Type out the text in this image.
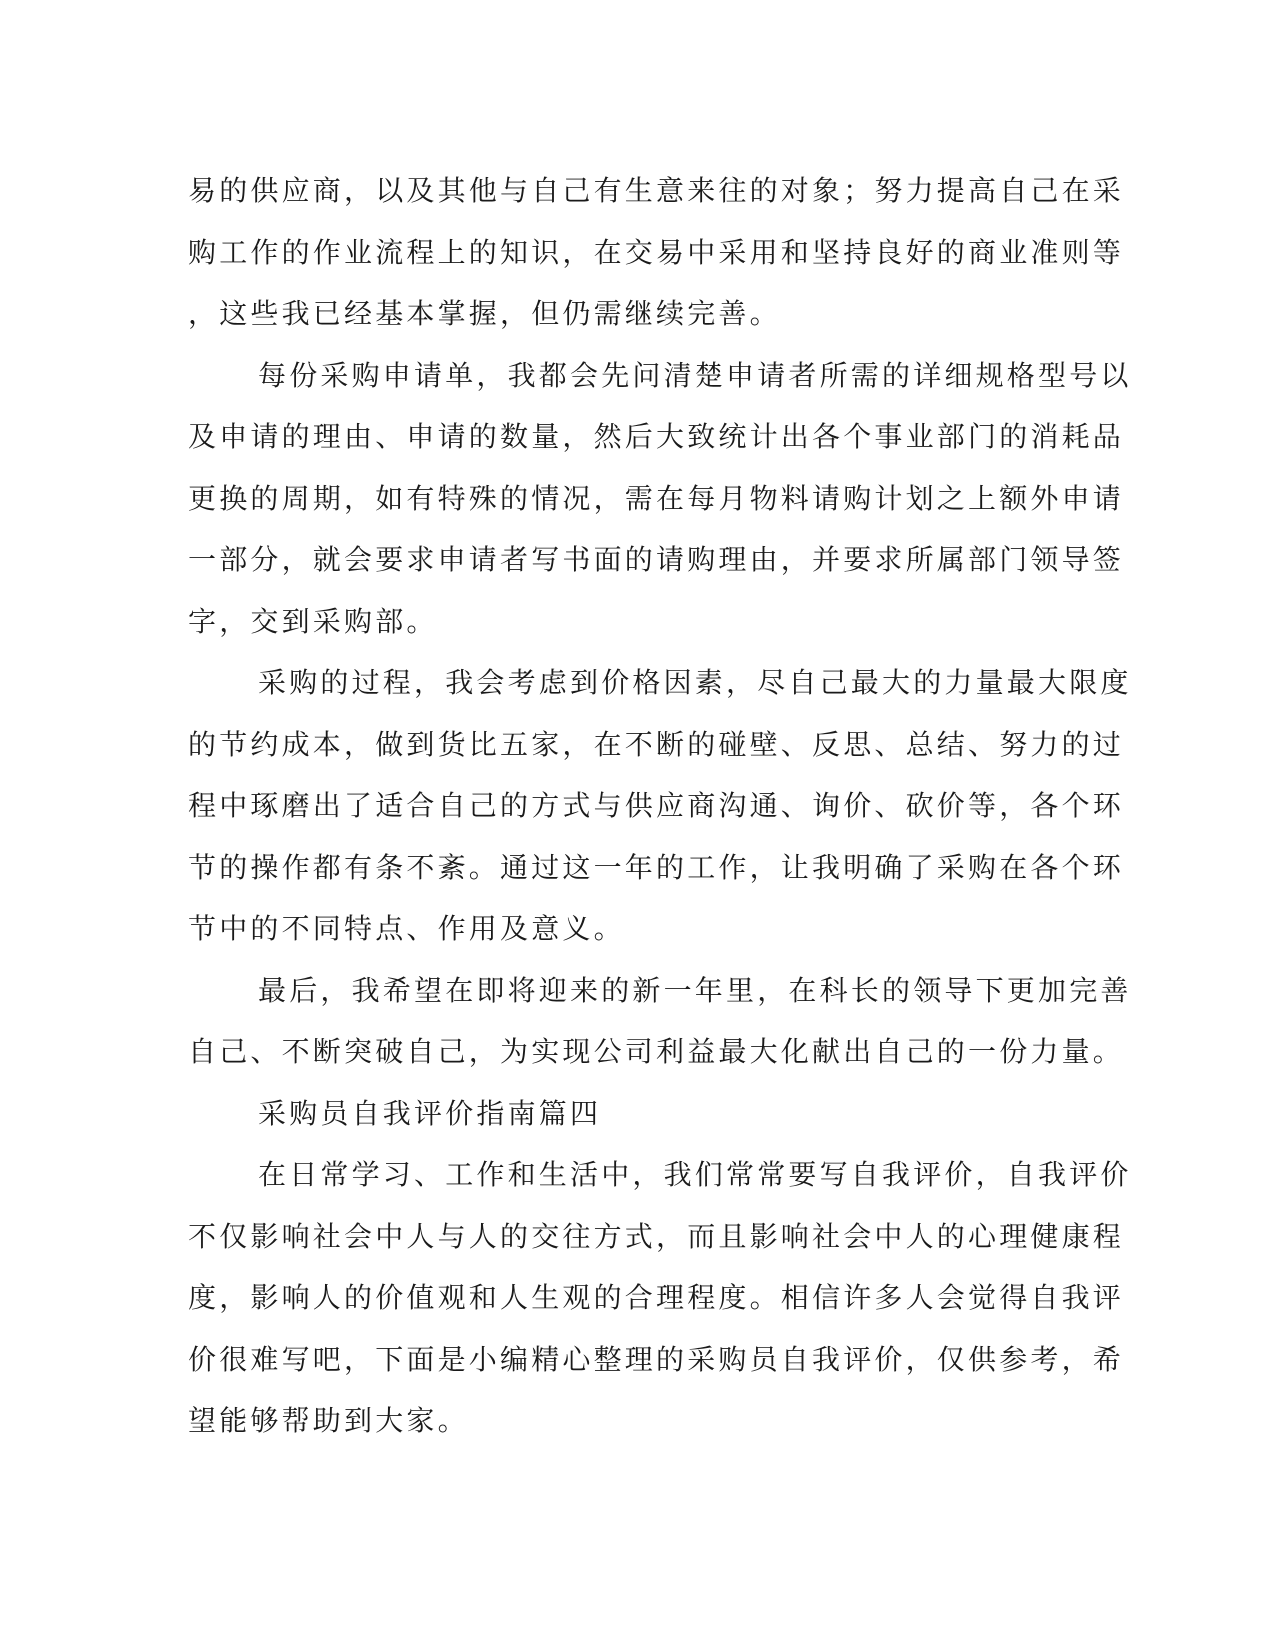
易的供应商，以及其他与自己有生意来往的对象；努力提高自己在采
购工作的作业流程上的知识，在交易中采用和坚持良好的商业准则等
，这些我已经基本掌握，但仍需继续完善。
每份采购申请单，我都会先问清楚申请者所需的详细规格型号以
及申请的理由、申请的数量，然后大致统计出各个事业部门的消耗品
更换的周期，如有特殊的情况，需在每月物料请购计划之上额外申请
一部分，就会要求申请者写书面的请购理由，并要求所属部门领导签
字，交到采购部。
采购的过程，我会考虑到价格因素，尽自己最大的力量最大限度
的节约成本，做到货比五家，在不断的碰壁、反思、总结、努力的过
程中琢磨出了适合自己的方式与供应商沟通、询价、砍价等，各个环
节的操作都有条不紊。通过这一年的工作，让我明确了采购在各个环
节中的不同特点、作用及意义。
最后，我希望在即将迎来的新一年里，在科长的领导下更加完善
自己、不断突破自己，为实现公司利益最大化献出自己的一份力量。
采购员自我评价指南篇四
在日常学习、工作和生活中，我们常常要写自我评价，自我评价
不仅影响社会中人与人的交往方式，而且影响社会中人的心理健康程
度，影响人的价值观和人生观的合理程度。相信许多人会觉得自我评
价很难写吧，下面是小编精心整理的采购员自我评价，仅供参考，希
望能够帮助到大家。
